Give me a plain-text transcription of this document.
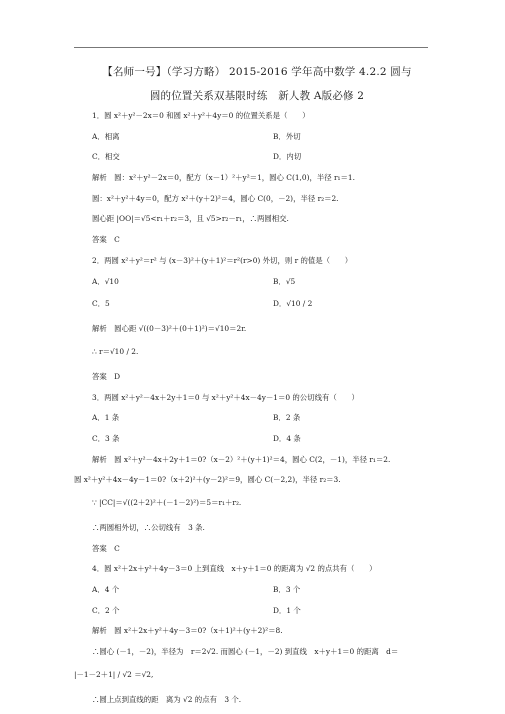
【名师一号】（学习方略） 2015-2016 学年高中数学 4.2.2 圆与
圆的位置关系双基限时练　新人教 A版必修 2
1．圆 x²＋y²－2x＝0 和圆 x²＋y²＋4y＝0 的位置关系是（　　）
A．相离	B．外切
C．相交	D．内切
解析　圆：x²＋y²－2x＝0，配方（x－1）²＋y²＝1，圆心 C(1,0)，半径 r₁＝1.
圆：x²＋y²＋4y＝0，配方 x²＋(y＋2)²＝4，圆心 C(0，－2)，半径 r₂＝2.
圆心距 |OO|＝√5<r₁＋r₂＝3，且 √5>r₂－r₁，∴两圆相交.
答案　C
2．两圆 x²＋y²＝r² 与 (x－3)²＋(y＋1)²＝r²(r>0) 外切，则 r 的值是（　　）
A．√10	B．√5
C．5	D．√10 / 2
解析　圆心距 √((0－3)²＋(0＋1)²)＝√10＝2r.
∴ r＝√10 / 2.
答案　D
3．两圆 x²＋y²－4x＋2y＋1＝0 与 x²＋y²＋4x－4y－1＝0 的公切线有（　　）
A．1 条	B．2 条
C．3 条	D．4 条
解析　圆 x²＋y²－4x＋2y＋1＝0?（x－2）²＋(y＋1)²＝4，圆心 C(2，－1)，半径 r₁＝2.
圆 x²＋y²＋4x－4y－1＝0?（x＋2)²＋(y－2)²＝9，圆心 C(－2,2)，半径 r₂＝3.
∵ |CC|＝√((2＋2)²＋(－1－2)²)＝5＝r₁＋r₂.
∴两圆相外切，∴公切线有　3 条.
答案　C
4．圆 x²＋2x＋y²＋4y－3＝0 上到直线　x＋y＋1＝0 的距离为 √2 的点共有（　　）
A．4 个	B．3 个
C．2 个	D．1 个
解析　圆 x²＋2x＋y²＋4y－3＝0?（x＋1)²＋(y＋2)²＝8.
∴圆心 (－1，－2)，半径为　r＝2√2. 而圆心 (－1，－2) 到直线　x＋y＋1＝0 的距离　d＝
|－1－2＋1| / √2 ＝√2,
∴圆上点到直线的距　离为 √2 的点有　3 个.
